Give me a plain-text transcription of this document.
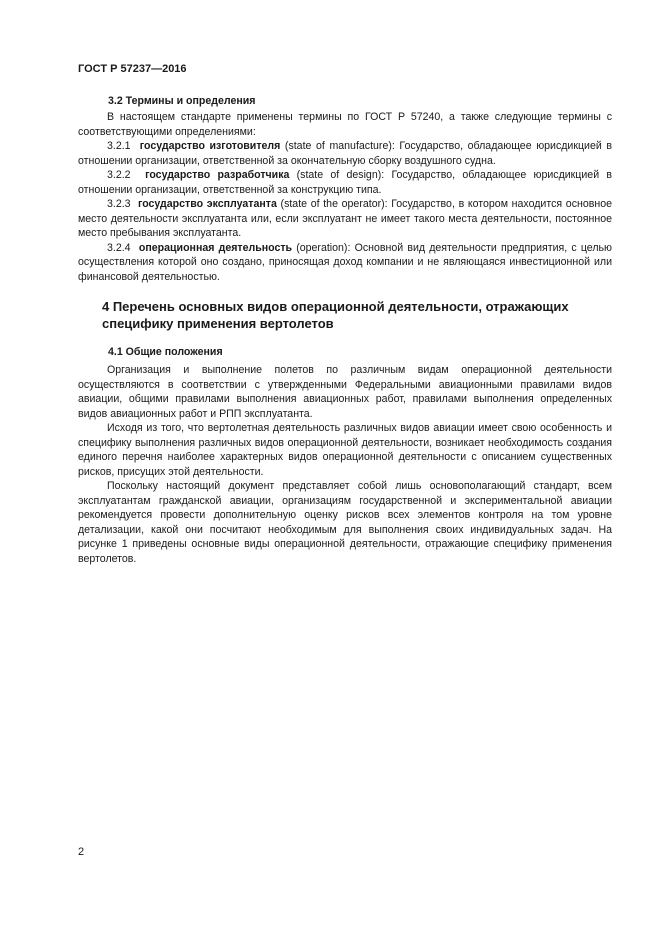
ГОСТ Р 57237—2016
3.2 Термины и определения

В настоящем стандарте применены термины по ГОСТ Р 57240, а также следующие термины с соответствующими определениями:

3.2.1 государство изготовителя (state of manufacture): Государство, обладающее юрисдикцией в отношении организации, ответственной за окончательную сборку воздушного судна.

3.2.2 государство разработчика (state of design): Государство, обладающее юрисдикцией в отношении организации, ответственной за конструкцию типа.

3.2.3 государство эксплуатанта (state of the operator): Государство, в котором находится основное место деятельности эксплуатанта или, если эксплуатант не имеет такого места деятельности, постоянное место пребывания эксплуатанта.

3.2.4 операционная деятельность (operation): Основной вид деятельности предприятия, с целью осуществления которой оно создано, приносящая доход компании и не являющаяся инвестиционной или финансовой деятельностью.

4 Перечень основных видов операционной деятельности, отражающих специфику применения вертолетов
4.1 Общие положения

Организация и выполнение полетов по различным видам операционной деятельности осуществляются в соответствии с утвержденными Федеральными авиационными правилами видов авиации, общими правилами выполнения авиационных работ, правилами выполнения определенных видов авиационных работ и РПП эксплуатанта.

Исходя из того, что вертолетная деятельность различных видов авиации имеет свою особенность и специфику выполнения различных видов операционной деятельности, возникает необходимость создания единого перечня наиболее характерных видов операционной деятельности с описанием существенных рисков, присущих этой деятельности.

Поскольку настоящий документ представляет собой лишь основополагающий стандарт, всем эксплуатантам гражданской авиации, организациям государственной и экспериментальной авиации рекомендуется провести дополнительную оценку рисков всех элементов контроля на том уровне детализации, какой они посчитают необходимым для выполнения своих индивидуальных задач. На рисунке 1 приведены основные виды операционной деятельности, отражающие специфику применения вертолетов.

2
